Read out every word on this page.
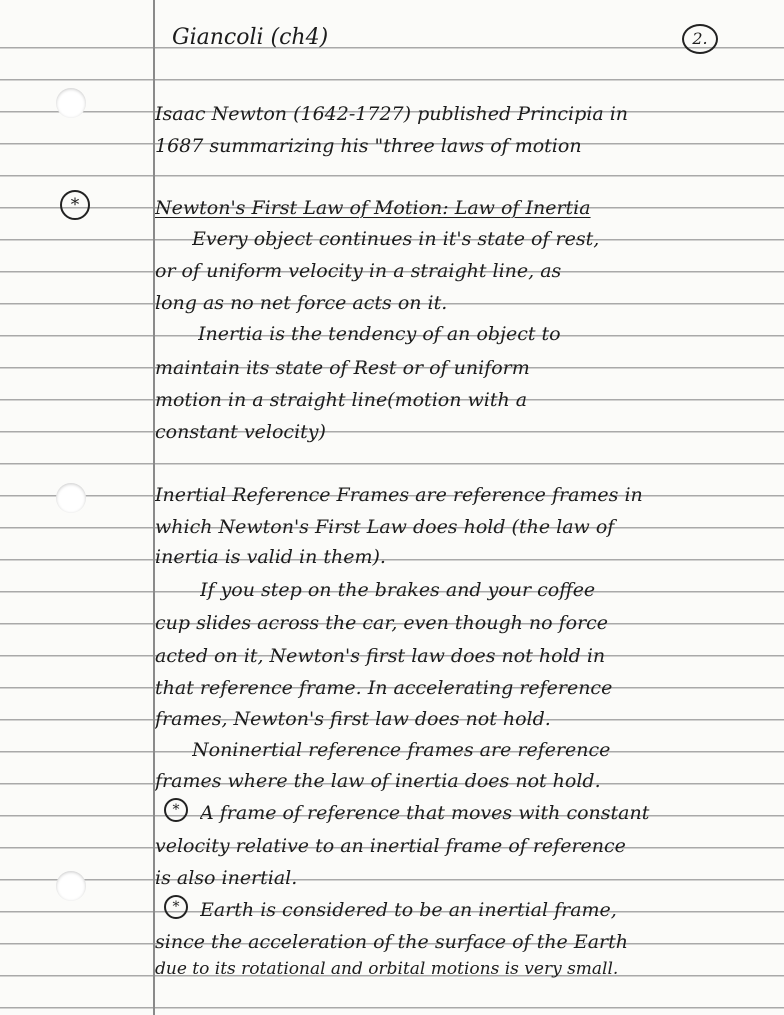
Giancoli (ch4)	2.
*
*
*
Isaac Newton (1642-1727) published Principia in
1687 summarizing his "three laws of motion
Newton's First Law of Motion: Law of Inertia
Every object continues in it's state of rest,
or of uniform velocity in a straight line, as
long as no net force acts on it.
Inertia is the tendency of an object to
maintain its state of Rest or of uniform
motion in a straight line(motion with a
constant velocity)
Inertial Reference Frames are reference frames in
which Newton's First Law does hold (the law of
inertia is valid in them).
If you step on the brakes and your coffee
cup slides across the car, even though no force
acted on it, Newton's first law does not hold in
that reference frame. In accelerating reference
frames, Newton's first law does not hold.
Noninertial reference frames are reference
frames where the law of inertia does not hold.
A frame of reference that moves with constant
velocity relative to an inertial frame of reference
is also inertial.
Earth is considered to be an inertial frame,
since the acceleration of the surface of the Earth
due to its rotational and orbital motions is very small.
